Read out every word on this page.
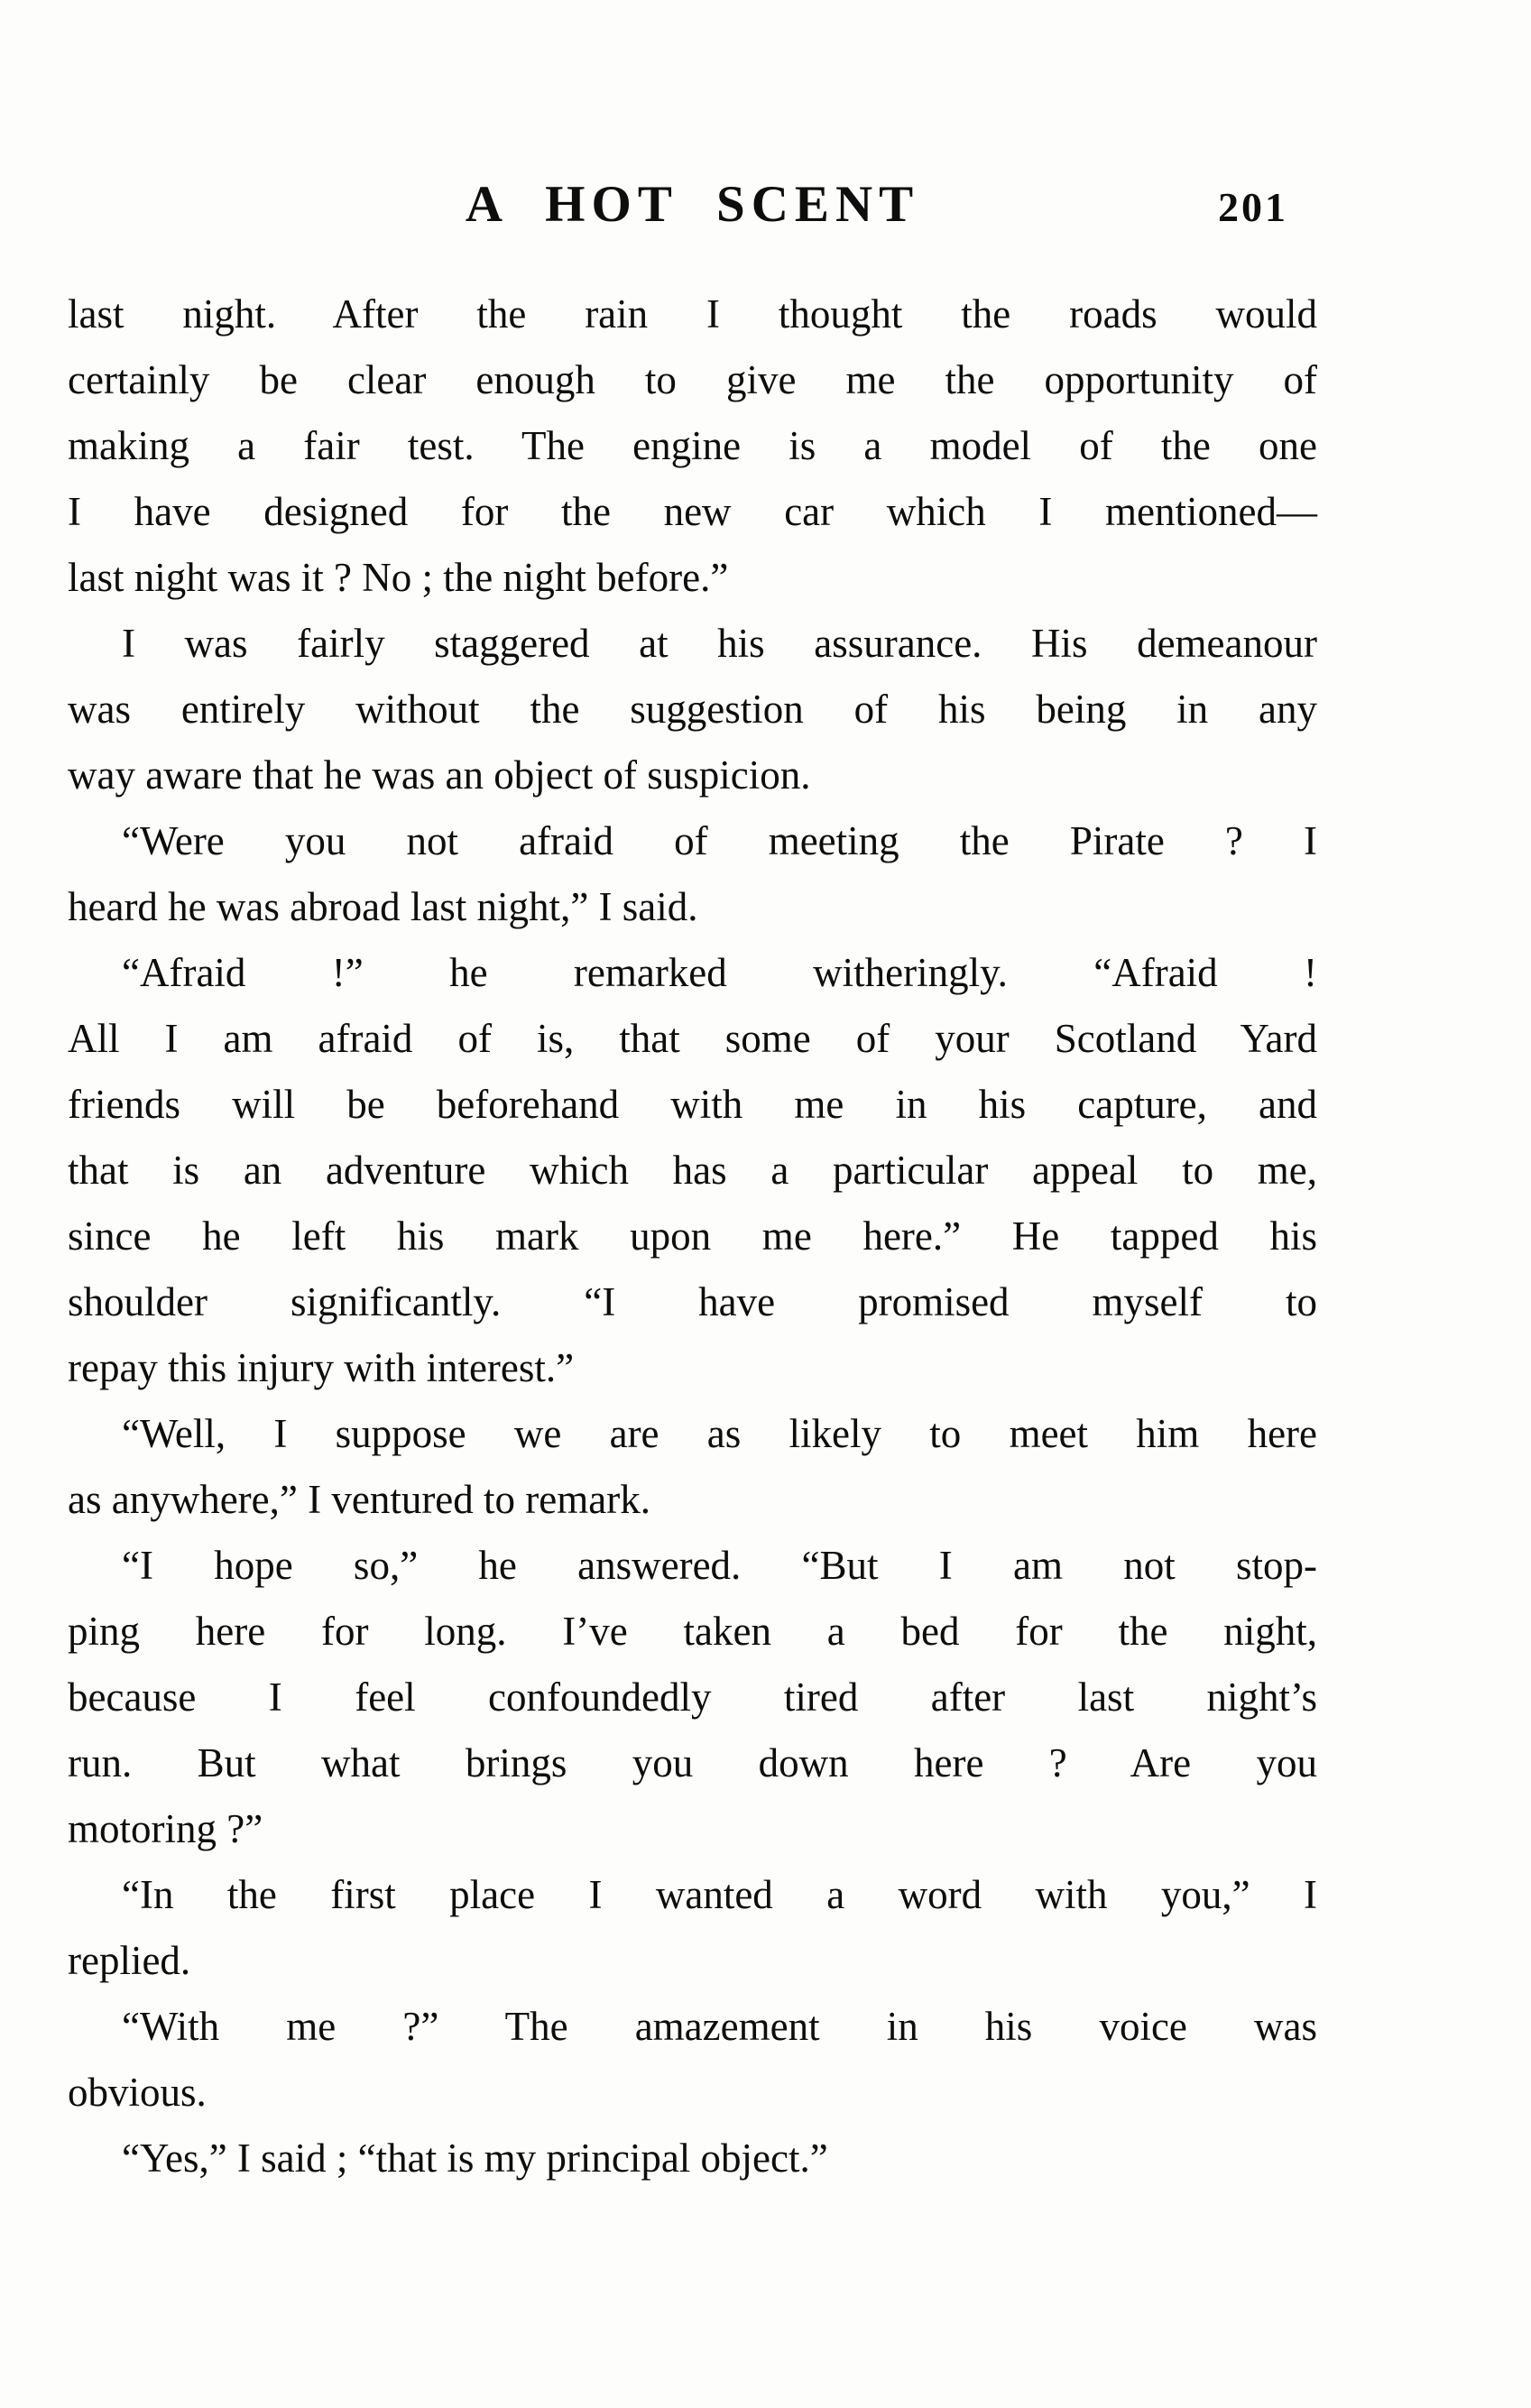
A HOT SCENT	201
last night. After the rain I thought the roads would
certainly be clear enough to give me the opportunity of
making a fair test. The engine is a model of the one
I have designed for the new car which I mentioned—
last night was it ? No ; the night before.”
I was fairly staggered at his assurance. His demeanour
was entirely without the suggestion of his being in any
way aware that he was an object of suspicion.
“Were you not afraid of meeting the Pirate ? I
heard he was abroad last night,” I said.
“Afraid !” he remarked witheringly. “Afraid !
All I am afraid of is, that some of your Scotland Yard
friends will be beforehand with me in his capture, and
that is an adventure which has a particular appeal to me,
since he left his mark upon me here.” He tapped his
shoulder significantly. “I have promised myself to
repay this injury with interest.”
“Well, I suppose we are as likely to meet him here
as anywhere,” I ventured to remark.
“I hope so,” he answered. “But I am not stop-
ping here for long. I’ve taken a bed for the night,
because I feel confoundedly tired after last night’s
run. But what brings you down here ? Are you
motoring ?”
“In the first place I wanted a word with you,” I
replied.
“With me ?” The amazement in his voice was
obvious.
“Yes,” I said ; “that is my principal object.”
